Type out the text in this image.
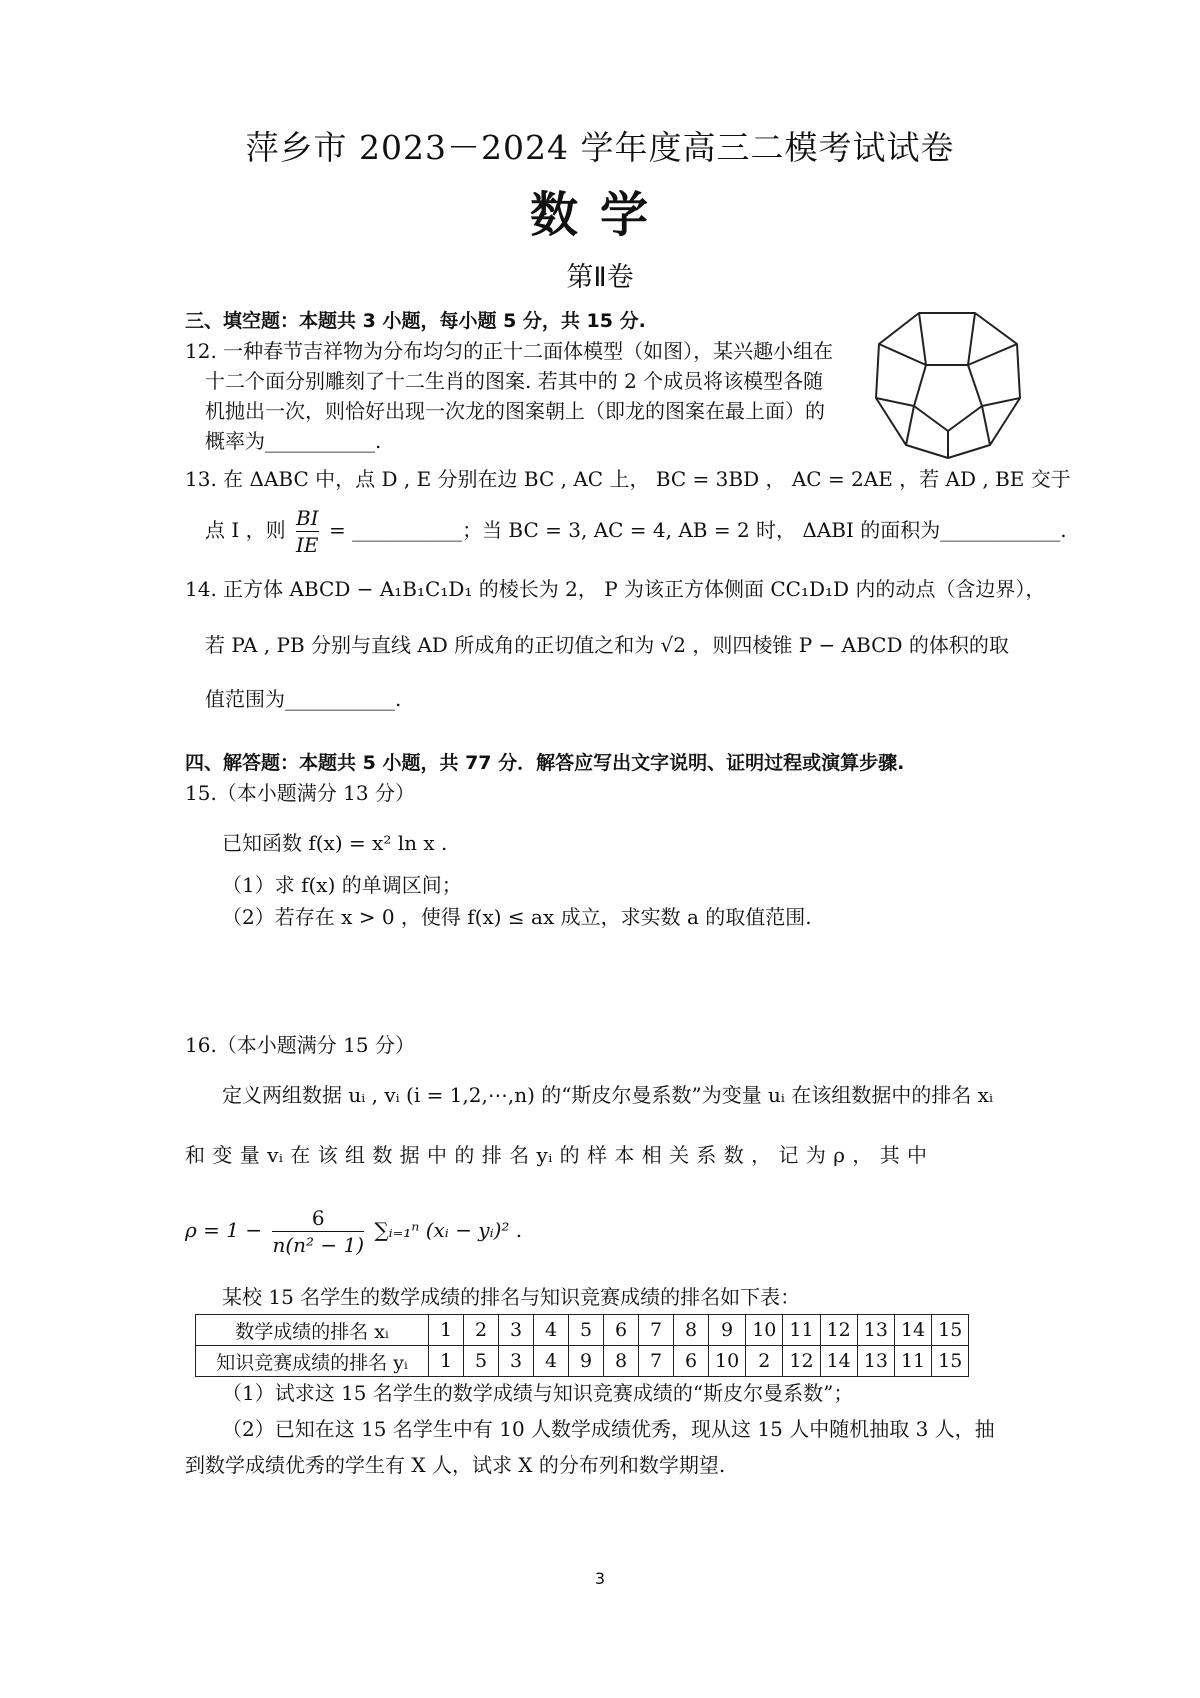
萍乡市 2023－2024 学年度高三二模考试试卷
数学
第Ⅱ卷
三、填空题：本题共 3 小题，每小题 5 分，共 15 分.
12. 一种春节吉祥物为分布均匀的正十二面体模型（如图），某兴趣小组在
十二个面分别雕刻了十二生肖的图案. 若其中的 2 个成员将该模型各随
机抛出一次，则恰好出现一次龙的图案朝上（即龙的图案在最上面）的
概率为___________.
13. 在 ΔABC 中，点 D , E 分别在边 BC , AC 上， BC = 3BD ， AC = 2AE ，若 AD , BE 交于
点 I ，则 $\frac{BI}{IE}$ = ___________；当 BC = 3, AC = 4, AB = 2 时， ΔABI 的面积为____________.
14. 正方体 ABCD − A₁B₁C₁D₁ 的棱长为 2， P 为该正方体侧面 CC₁D₁D 内的动点（含边界），
若 PA , PB 分别与直线 AD 所成角的正切值之和为 √2 ，则四棱锥 P − ABCD 的体积的取
值范围为___________.
四、解答题：本题共 5 小题，共 77 分．解答应写出文字说明、证明过程或演算步骤.
15.（本小题满分 13 分）
已知函数 f(x) = x² ln x .
（1）求 f(x) 的单调区间；
（2）若存在 x > 0 ，使得 f(x) ≤ ax 成立，求实数 a 的取值范围.
16.（本小题满分 15 分）
定义两组数据 uᵢ , vᵢ (i = 1,2,⋯,n) 的“斯皮尔曼系数”为变量 uᵢ 在该组数据中的排名 xᵢ
和 变 量 vᵢ 在 该 组 数 据 中 的 排 名 yᵢ 的 样 本 相 关 系 数 ， 记 为 ρ ， 其 中
$\rho = 1 - \frac{6}{\text{n(n² − 1)}}$ ∑ᵢ₌₁ⁿ (xᵢ − yᵢ)² .
某校 15 名学生的数学成绩的排名与知识竞赛成绩的排名如下表：
数学成绩的排名 xᵢ	1	2	3	4	5	6	7	8	9	10	11	12	13	14	15
知识竞赛成绩的排名 yᵢ	1	5	3	4	9	8	7	6	10	2	12	14	13	11	15
（1）试求这 15 名学生的数学成绩与知识竞赛成绩的“斯皮尔曼系数”；
（2）已知在这 15 名学生中有 10 人数学成绩优秀，现从这 15 人中随机抽取 3 人，抽
到数学成绩优秀的学生有 X 人，试求 X 的分布列和数学期望.
3
